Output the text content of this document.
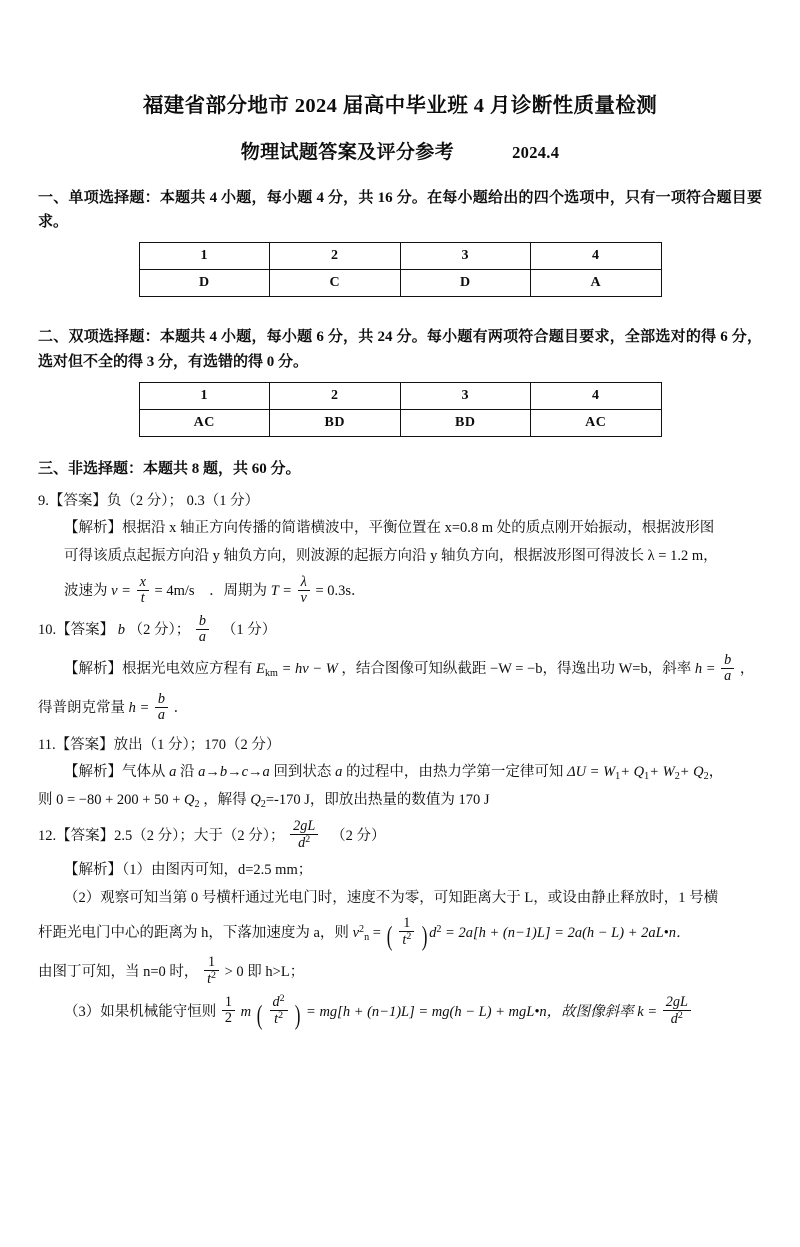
福建省部分地市 2024 届高中毕业班 4 月诊断性质量检测
物理试题答案及评分参考	2024.4
一、单项选择题：本题共 4 小题，每小题 4 分，共 16 分。在每小题给出的四个选项中，只有一项符合题目要求。
1	2	3	4
D	C	D	A
二、双项选择题：本题共 4 小题，每小题 6 分，共 24 分。每小题有两项符合题目要求，全部选对的得 6 分，选对但不全的得 3 分，有选错的得 0 分。
1	2	3	4
AC	BD	BD	AC
三、非选择题：本题共 8 题，共 60 分。
9.【答案】负（2 分）； 0.3（1 分）
【解析】根据沿 x 轴正方向传播的简谐横波中，平衡位置在 x=0.8 m 处的质点刚开始振动，根据波形图
可得该质点起振方向沿 y 轴负方向，则波源的起振方向沿 y 轴负方向，根据波形图可得波长 λ = 1.2 m，
波速为 $v = \frac{x}{t} = 4m/s$ ．周期为 $T = \frac{\lambda}{v} = 0.3s$．
10.【答案】 b （2 分）； $\frac{b}{a} (1$ 分）
【解析】根据光电效应方程有 $E_{km} = h\nu - W$ ，结合图像可知纵截距 −W = −b，得逸出功 W=b，斜率 $h = \frac{b}{a}$ ，
得普朗克常量 $h = \frac{b}{a}$ ．
11.【答案】放出（1 分）；170（2 分）
【解析】气体从 a 沿 a→b→c→a 回到状态 a 的过程中，由热力学第一定律可知 $\Delta U = W_1+ Q_1+ W_2+ Q_2$，
则 $0 = -80 + 200 + 50 + Q_2$ ，解得 $Q_2=-170$ J，即放出热量的数值为 170 J
12.【答案】2.5（2 分）；大于（2 分）； $\frac{2gL}{d^2} (2$ 分）
【解析】（1）由图丙可知，d=2.5 mm；
（2）观察可知当第 0 号横杆通过光电门时，速度不为零，可知距离大于 L，或设由静止释放时，1 号横
杆距光电门中心的距离为 h，下落加速度为 a，则 $v^2_n$ = ( $\frac{1}{t^2}$ ) $d^2 = 2a[h + (n-1)L] = 2a(h - L)$ + 2aL•n．
由图丁可知，当 n=0 时， $\frac{1}{t^2} > 0$ 即 h>L；
（3）如果机械能守恒则 $\frac{1}{2}$ m ( $\frac{d^2}{t^2}$ ) = mg[h + (n−1)L] = mg(h − L) + mgL•n，故图像斜率 $k = \frac{2gL}{d^2}$
